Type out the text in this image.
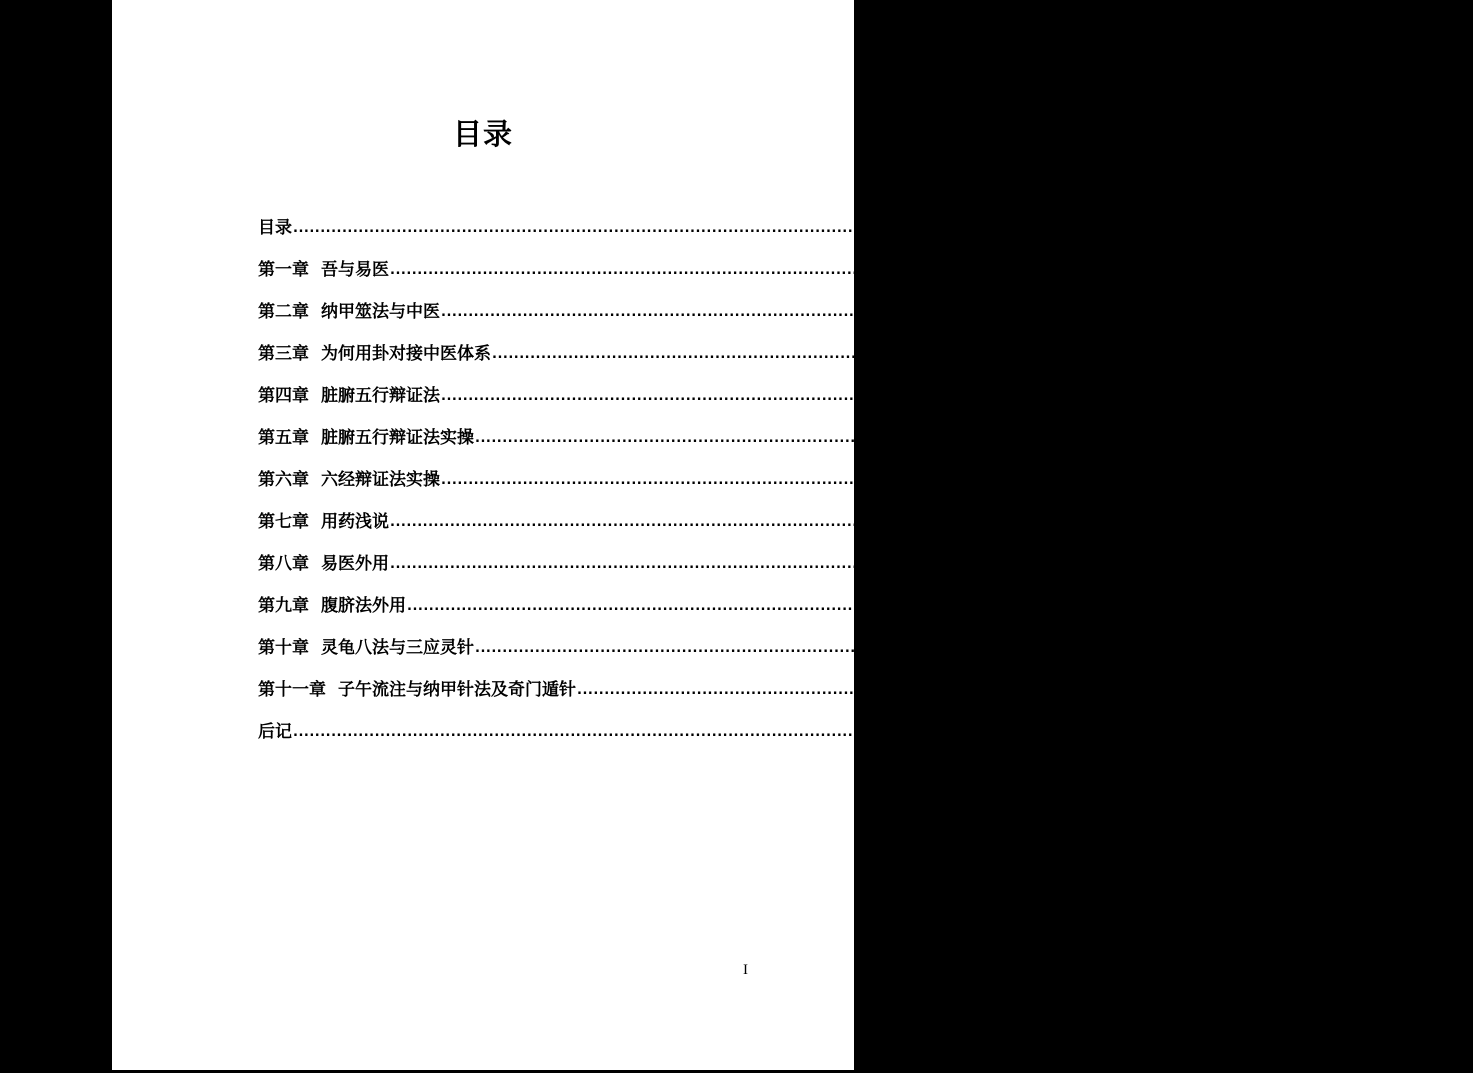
目录
目录 ................................................................................................................................................................ I
第一章 吾与易医 ................................................................................................................................................................ 2
第二章 纳甲筮法与中医 ................................................................................................................................................................ 5
第三章 为何用卦对接中医体系 ................................................................................................................................................................ 8
第四章 脏腑五行辩证法 ................................................................................................................................................................ 14
第五章 脏腑五行辩证法实操 ................................................................................................................................................................ 30
第六章 六经辩证法实操 ................................................................................................................................................................ 64
第七章 用药浅说 ................................................................................................................................................................ 75
第八章 易医外用 ................................................................................................................................................................ 83
第九章 腹脐法外用 ................................................................................................................................................................ 错误！未定义书签。
第十章 灵龟八法与三应灵针 ................................................................................................................................................................ 101
第十一章 子午流注与纳甲针法及奇门遁针 ................................................................................................................................................................ 108
后记 ................................................................................................................................................................ 124
I
